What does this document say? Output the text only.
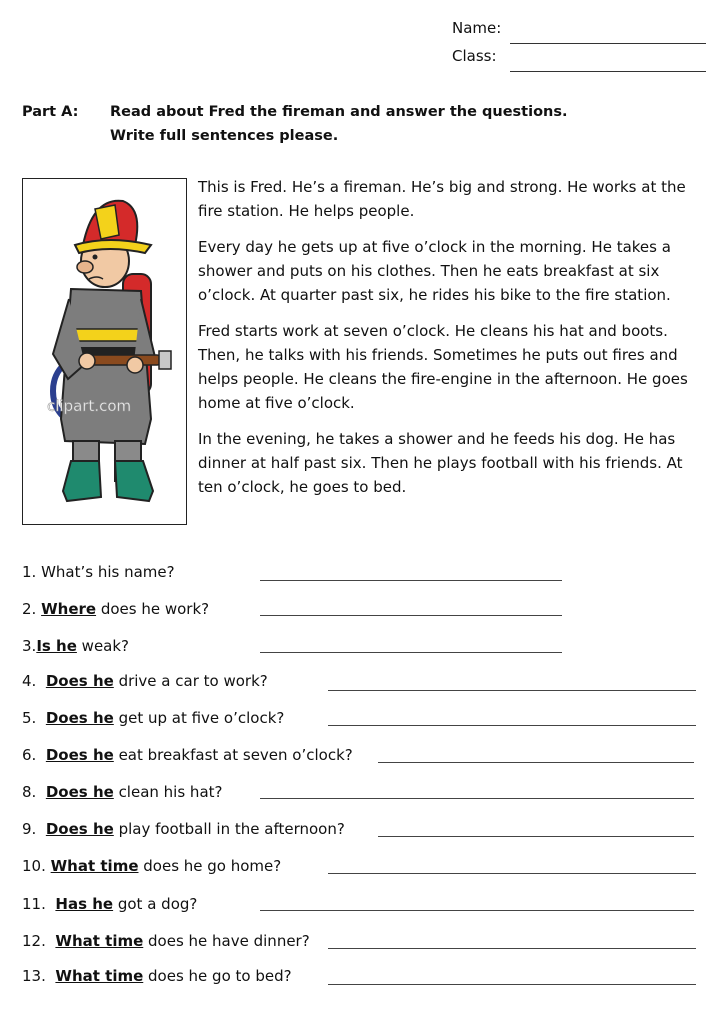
Name:
Class:
Part A: Read about Fred the fireman and answer the questions.
Write full sentences please.
clipart.com

This is Fred. He’s a fireman. He’s big and strong. He works at the fire station. He helps people.

Every day he gets up at five o’clock in the morning. He takes a shower and puts on his clothes. Then he eats breakfast at six o’clock. At quarter past six, he rides his bike to the fire station.

Fred starts work at seven o’clock. He cleans his hat and boots. Then, he talks with his friends. Sometimes he puts out fires and helps people. He cleans the fire-engine in the afternoon. He goes home at five o’clock.

In the evening, he takes a shower and he feeds his dog. He has dinner at half past six. Then he plays football with his friends. At ten o’clock, he goes to bed.

1. What’s his name?
2. Where does he work?
3.Is he weak?
4. Does he drive a car to work?
5. Does he get up at five o’clock?
6. Does he eat breakfast at seven o’clock?
8. Does he clean his hat?
9. Does he play football in the afternoon?
10. What time does he go home?
11. Has he got a dog?
12. What time does he have dinner?
13. What time does he go to bed?
